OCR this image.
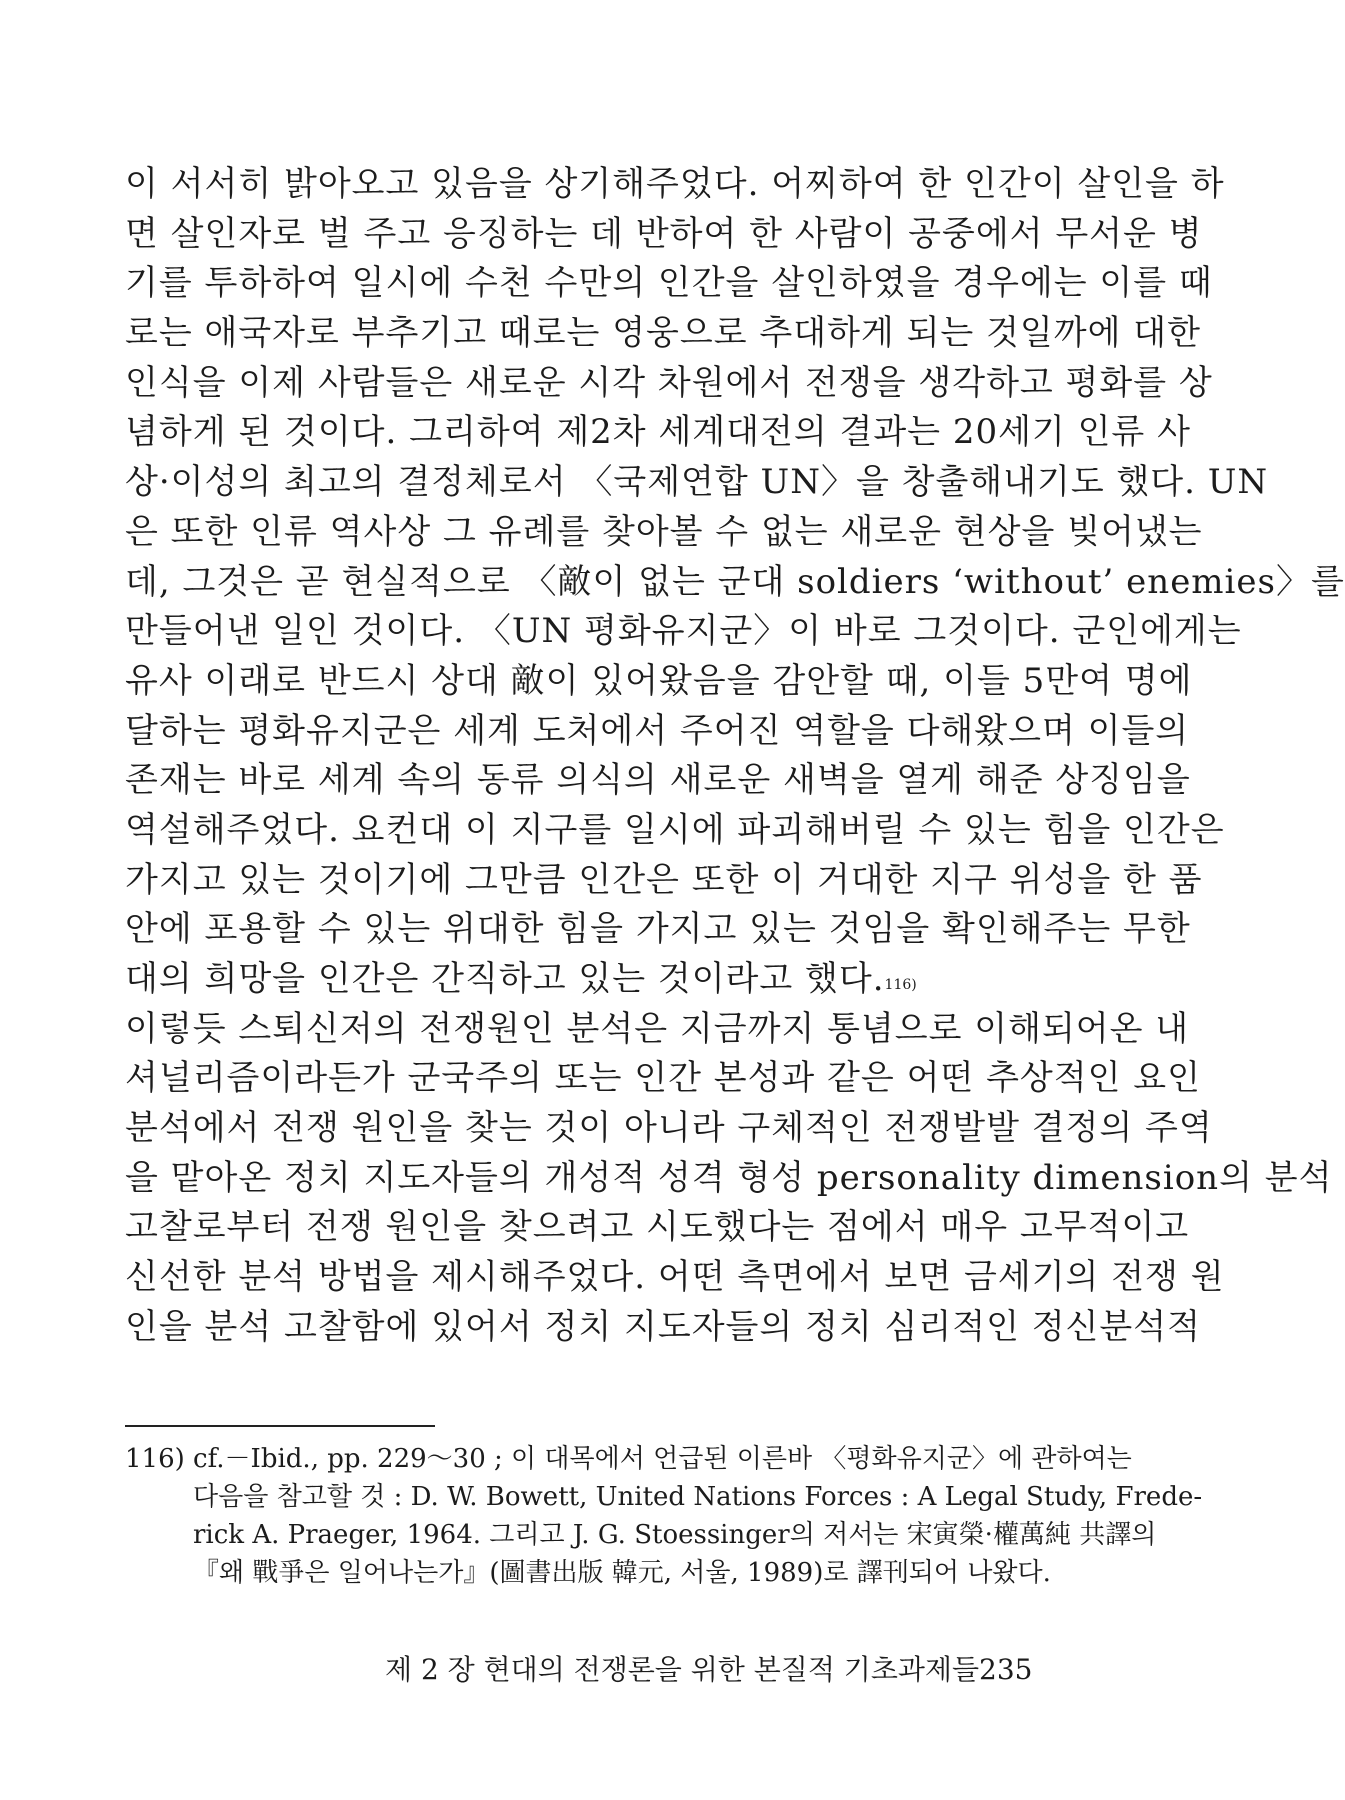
이 서서히 밝아오고 있음을 상기해주었다. 어찌하여 한 인간이 살인을 하
면 살인자로 벌 주고 응징하는 데 반하여 한 사람이 공중에서 무서운 병
기를 투하하여 일시에 수천 수만의 인간을 살인하였을 경우에는 이를 때
로는 애국자로 부추기고 때로는 영웅으로 추대하게 되는 것일까에 대한
인식을 이제 사람들은 새로운 시각 차원에서 전쟁을 생각하고 평화를 상
념하게 된 것이다. 그리하여 제2차 세계대전의 결과는 20세기 인류 사
상·이성의 최고의 결정체로서 〈국제연합 UN〉을 창출해내기도 했다. UN
은 또한 인류 역사상 그 유례를 찾아볼 수 없는 새로운 현상을 빚어냈는
데, 그것은 곧 현실적으로 〈敵이 없는 군대 soldiers ‘without’ enemies〉를
만들어낸 일인 것이다. 〈UN 평화유지군〉이 바로 그것이다. 군인에게는
유사 이래로 반드시 상대 敵이 있어왔음을 감안할 때, 이들 5만여 명에
달하는 평화유지군은 세계 도처에서 주어진 역할을 다해왔으며 이들의
존재는 바로 세계 속의 동류 의식의 새로운 새벽을 열게 해준 상징임을
역설해주었다. 요컨대 이 지구를 일시에 파괴해버릴 수 있는 힘을 인간은
가지고 있는 것이기에 그만큼 인간은 또한 이 거대한 지구 위성을 한 품
안에 포용할 수 있는 위대한 힘을 가지고 있는 것임을 확인해주는 무한
대의 희망을 인간은 간직하고 있는 것이라고 했다.$^{116)}$
이렇듯 스퇴신저의 전쟁원인 분석은 지금까지 통념으로 이해되어온 내
셔널리즘이라든가 군국주의 또는 인간 본성과 같은 어떤 추상적인 요인
분석에서 전쟁 원인을 찾는 것이 아니라 구체적인 전쟁발발 결정의 주역
을 맡아온 정치 지도자들의 개성적 성격 형성 personality dimension의 분석
고찰로부터 전쟁 원인을 찾으려고 시도했다는 점에서 매우 고무적이고
신선한 분석 방법을 제시해주었다. 어떤 측면에서 보면 금세기의 전쟁 원
인을 분석 고찰함에 있어서 정치 지도자들의 정치 심리적인 정신분석적
116) cf.－Ibid., pp. 229～30 ; 이 대목에서 언급된 이른바 〈평화유지군〉에 관하여는
다음을 참고할 것 : D. W. Bowett, United Nations Forces : A Legal Study, Frede-
rick A. Praeger, 1964. 그리고 J. G. Stoessinger의 저서는 宋寅榮·權萬純 共譯의
『왜 戰爭은 일어나는가』(圖書出版 韓元, 서울, 1989)로 譯刊되어 나왔다.
제 2 장 현대의 전쟁론을 위한 본질적 기초과제들 235
